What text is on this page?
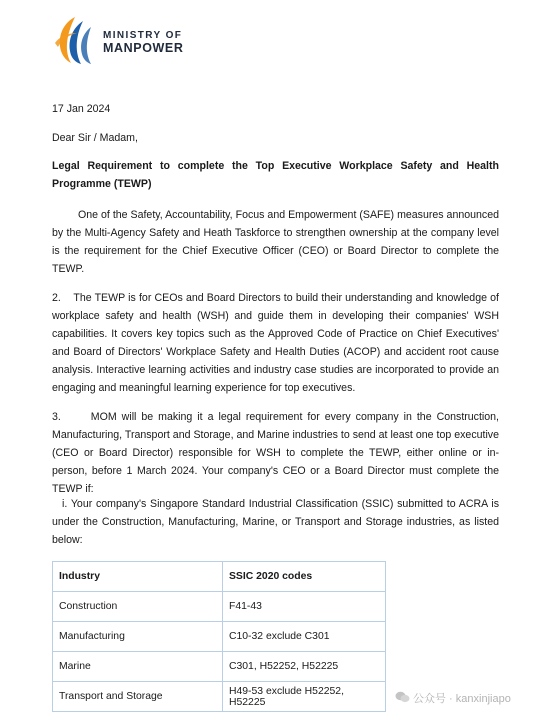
MINISTRY OF
MANPOWER
17 Jan 2024
Dear Sir / Madam,
Legal Requirement to complete the Top Executive Workplace Safety and Health Programme (TEWP)
One of the Safety, Accountability, Focus and Empowerment (SAFE) measures announced by the Multi-Agency Safety and Heath Taskforce to strengthen ownership at the company level is the requirement for the Chief Executive Officer (CEO) or Board Director to complete the TEWP.
2.    The TEWP is for CEOs and Board Directors to build their understanding and knowledge of workplace safety and health (WSH) and guide them in developing their companies' WSH capabilities. It covers key topics such as the Approved Code of Practice on Chief Executives' and Board of Directors' Workplace Safety and Health Duties (ACOP) and accident root cause analysis. Interactive learning activities and industry case studies are incorporated to provide an engaging and meaningful learning experience for top executives.
3.      MOM will be making it a legal requirement for every company in the Construction, Manufacturing, Transport and Storage, and Marine industries to send at least one top executive (CEO or Board Director) responsible for WSH to complete the TEWP, either online or in-person, before 1 March 2024. Your company's CEO or a Board Director must complete the TEWP if:
i. Your company's Singapore Standard Industrial Classification (SSIC) submitted to ACRA is under the Construction, Manufacturing, Marine, or Transport and Storage industries, as listed below:
Industry	SSIC 2020 codes
Construction	F41-43
Manufacturing	C10-32 exclude C301
Marine	C301, H52252, H52225
Transport and Storage	H49-53 exclude H52252, H52225	公众号 · kanxinjiapo
